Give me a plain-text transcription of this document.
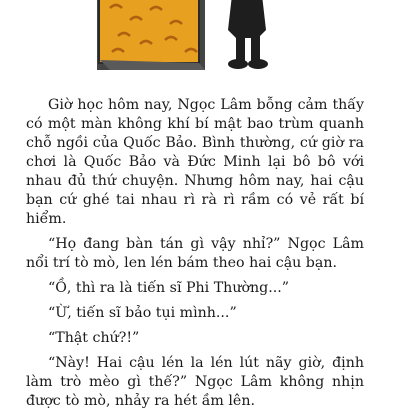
Giờ học hôm nay, Ngọc Lâm bỗng cảm thấy có một màn không khí bí mật bao trùm quanh chỗ ngồi của Quốc Bảo. Bình thường, cứ giờ ra chơi là Quốc Bảo và Đức Minh lại bô bô với nhau đủ thứ chuyện. Nhưng hôm nay, hai cậu bạn cứ ghé tai nhau rì rà rì rầm có vẻ rất bí hiểm.

“Họ đang bàn tán gì vậy nhỉ?” Ngọc Lâm nổi trí tò mò, len lén bám theo hai cậu bạn.

“Ồ, thì ra là tiến sĩ Phi Thường...”

“Ừ, tiến sĩ bảo tụi mình...”

“Thật chứ?!”

“Này! Hai cậu lén la lén lút nãy giờ, định làm trò mèo gì thế?” Ngọc Lâm không nhịn được tò mò, nhảy ra hét ầm lên.
